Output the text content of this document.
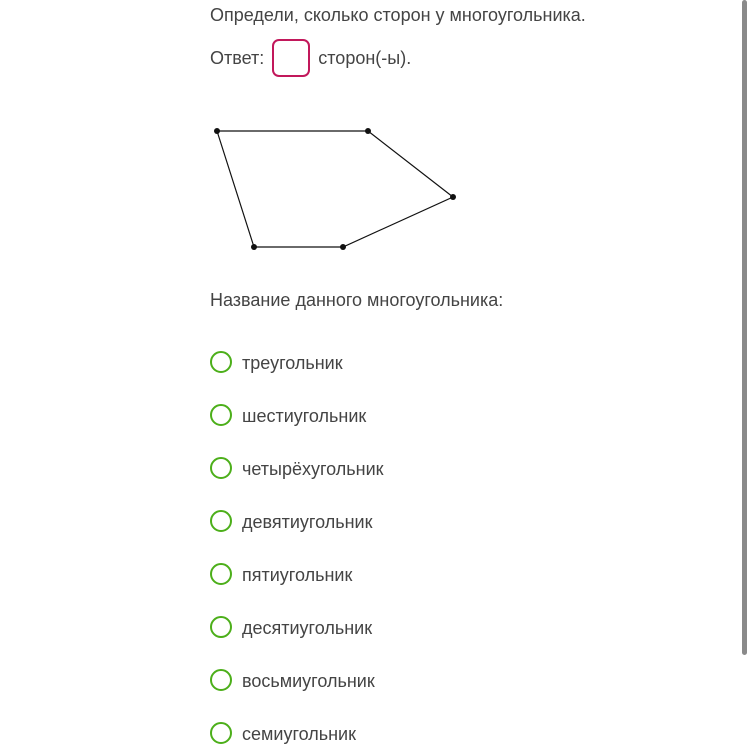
Определи, сколько сторон у многоугольника.
Ответ:	сторон(-ы).
Название данного многоугольника:
треугольник
шестиугольник
четырёхугольник
девятиугольник
пятиугольник
десятиугольник
восьмиугольник
семиугольник
